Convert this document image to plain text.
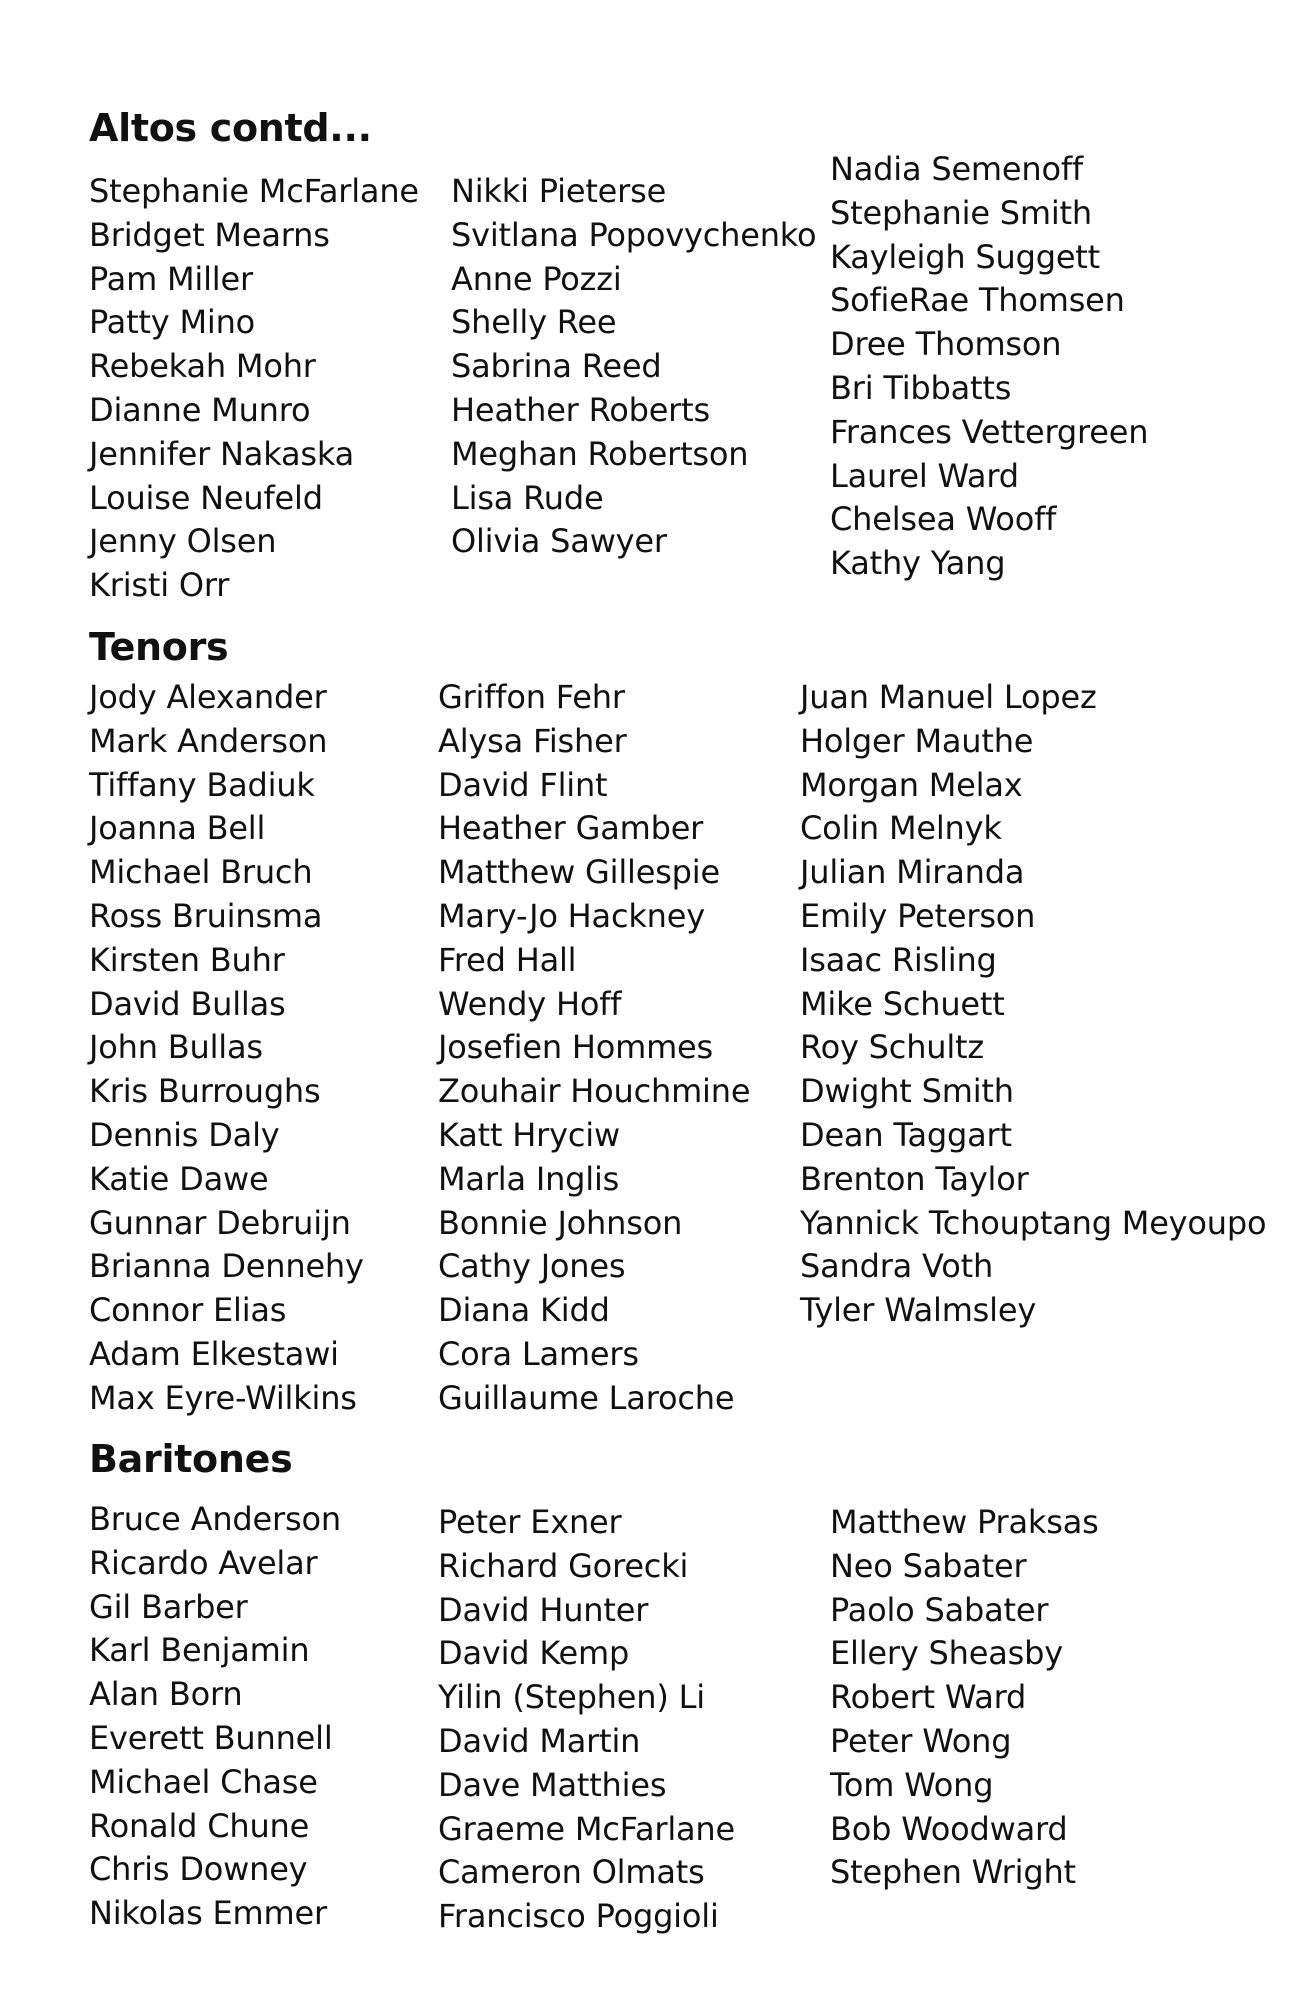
Altos contd...
Stephanie McFarlane
Bridget Mearns
Pam Miller
Patty Mino
Rebekah Mohr
Dianne Munro
Jennifer Nakaska
Louise Neufeld
Jenny Olsen
Kristi Orr
Nikki Pieterse
Svitlana Popovychenko
Anne Pozzi
Shelly Ree
Sabrina Reed
Heather Roberts
Meghan Robertson
Lisa Rude
Olivia Sawyer
Nadia Semenoff
Stephanie Smith
Kayleigh Suggett
SofieRae Thomsen
Dree Thomson
Bri Tibbatts
Frances Vettergreen
Laurel Ward
Chelsea Wooff
Kathy Yang
Tenors
Jody Alexander
Mark Anderson
Tiffany Badiuk
Joanna Bell
Michael Bruch
Ross Bruinsma
Kirsten Buhr
David Bullas
John Bullas
Kris Burroughs
Dennis Daly
Katie Dawe
Gunnar Debruijn
Brianna Dennehy
Connor Elias
Adam Elkestawi
Max Eyre-Wilkins
Griffon Fehr
Alysa Fisher
David Flint
Heather Gamber
Matthew Gillespie
Mary-Jo Hackney
Fred Hall
Wendy Hoff
Josefien Hommes
Zouhair Houchmine
Katt Hryciw
Marla Inglis
Bonnie Johnson
Cathy Jones
Diana Kidd
Cora Lamers
Guillaume Laroche
Juan Manuel Lopez
Holger Mauthe
Morgan Melax
Colin Melnyk
Julian Miranda
Emily Peterson
Isaac Risling
Mike Schuett
Roy Schultz
Dwight Smith
Dean Taggart
Brenton Taylor
Yannick Tchouptang Meyoupo
Sandra Voth
Tyler Walmsley
Baritones
Bruce Anderson
Ricardo Avelar
Gil Barber
Karl Benjamin
Alan Born
Everett Bunnell
Michael Chase
Ronald Chune
Chris Downey
Nikolas Emmer
Peter Exner
Richard Gorecki
David Hunter
David Kemp
Yilin (Stephen) Li
David Martin
Dave Matthies
Graeme McFarlane
Cameron Olmats
Francisco Poggioli
Matthew Praksas
Neo Sabater
Paolo Sabater
Ellery Sheasby
Robert Ward
Peter Wong
Tom Wong
Bob Woodward
Stephen Wright
